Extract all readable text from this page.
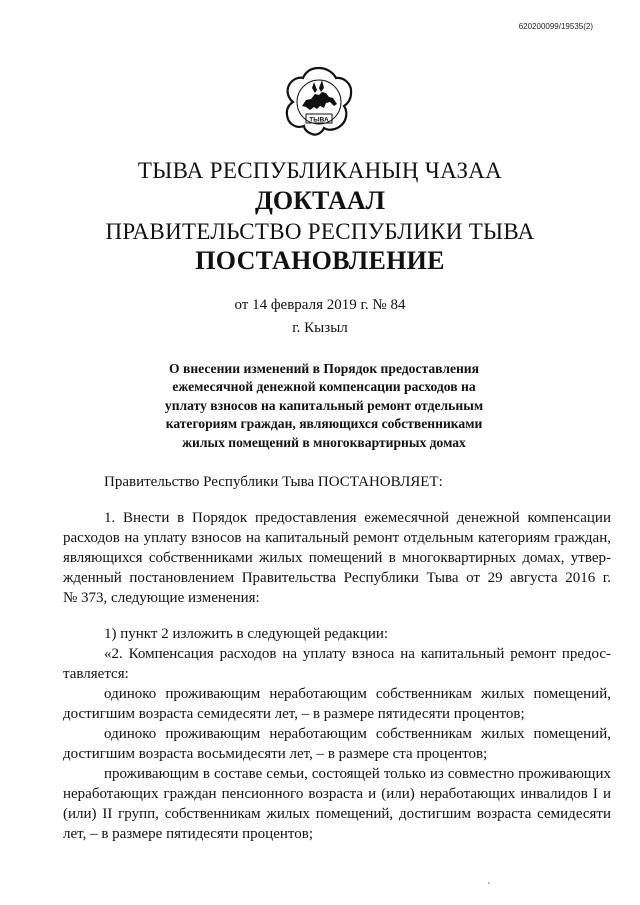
620200099/19535(2)
ТЫВА
ТЫВА РЕСПУБЛИКАНЫҢ ЧАЗАА
ДОКТААЛ
ПРАВИТЕЛЬСТВО РЕСПУБЛИКИ ТЫВА
ПОСТАНОВЛЕНИЕ
от 14 февраля 2019 г. № 84
г. Кызыл
О внесении изменений в Порядок предоставления
ежемесячной денежной компенсации расходов на
уплату взносов на капитальный ремонт отдельным
категориям граждан, являющихся собственниками
жилых помещений в многоквартирных домах
Правительство Республики Тыва ПОСТАНОВЛЯЕТ:
1. Внести в Порядок предоставления ежемесячной денежной компенсации
расходов на уплату взносов на капитальный ремонт отдельным категориям граждан,
являющихся собственниками жилых помещений в многоквартирных домах, утвер-
жденный постановлением Правительства Республики Тыва от 29 августа 2016 г.
№ 373, следующие изменения:
1) пункт 2 изложить в следующей редакции:
«2. Компенсация расходов на уплату взноса на капитальный ремонт предос-
тавляется:
одиноко проживающим неработающим собственникам жилых помещений,
достигшим возраста семидесяти лет, – в размере пятидесяти процентов;
одиноко проживающим неработающим собственникам жилых помещений,
достигшим возраста восьмидесяти лет, – в размере ста процентов;
проживающим в составе семьи, состоящей только из совместно проживающих
неработающих граждан пенсионного возраста и (или) неработающих инвалидов I и
(или) II групп, собственникам жилых помещений, достигшим возраста семидесяти
лет, – в размере пятидесяти процентов;
